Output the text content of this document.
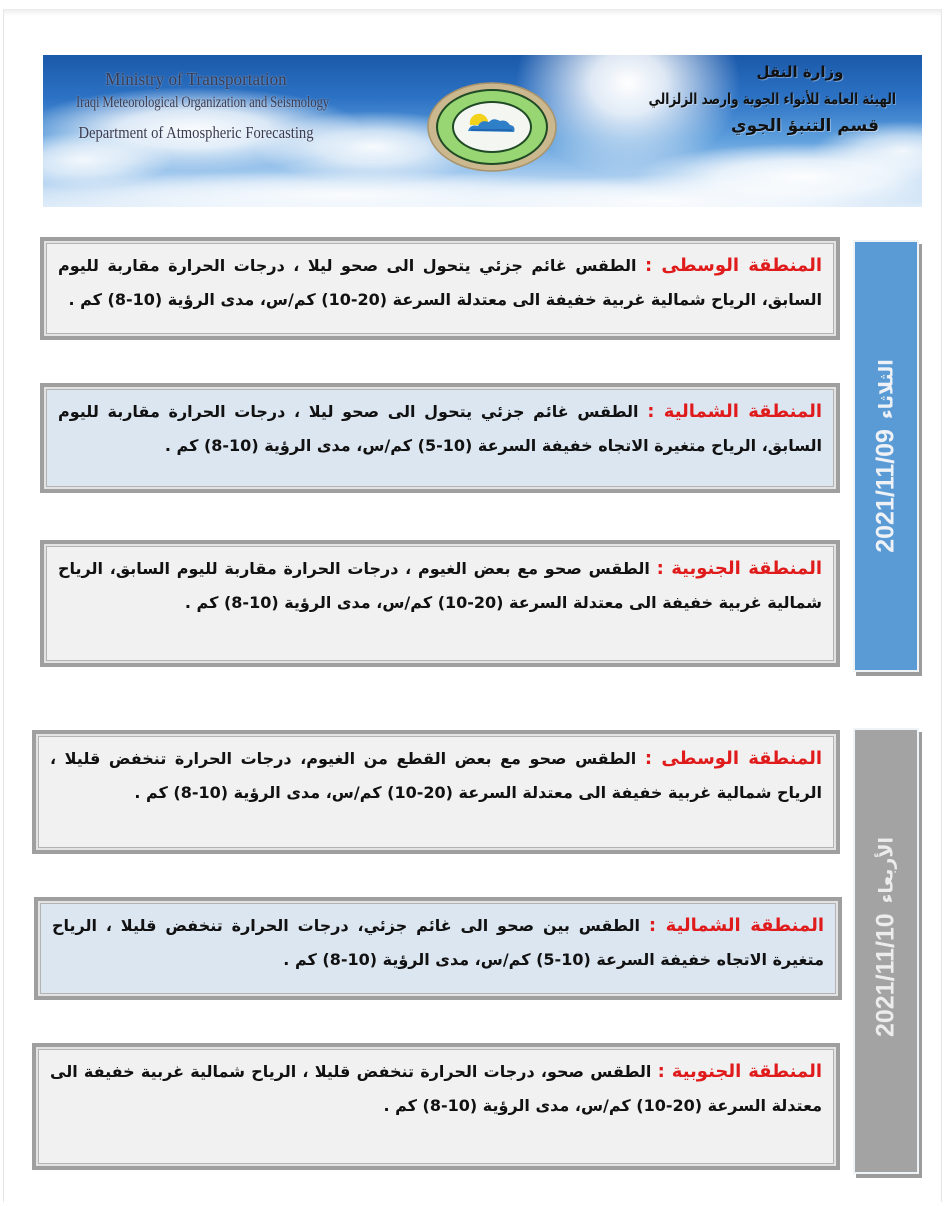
Ministry of Transportation
Iraqi Meteorological Organization and Seismology
Department of Atmospheric Forecasting
وزارة النقل
الهيئة العامة للأنواء الجوية وارصد الزلزالي
قسم التنبؤ الجوي

المنطقة الوسطى : الطقس غائم جزئي يتحول الى صحو ليلا ، درجات الحرارة مقاربة لليوم السابق، الرياح شمالية غربية خفيفة الى معتدلة السرعة (20-10) كم/س، مدى الرؤية (10-8) كم .

المنطقة الشمالية : الطقس غائم جزئي يتحول الى صحو ليلا ، درجات الحرارة مقاربة لليوم السابق، الرياح متغيرة الاتجاه خفيفة السرعة (10-5) كم/س، مدى الرؤية (10-8) كم .

المنطقة الجنوبية : الطقس صحو مع بعض الغيوم ، درجات الحرارة مقاربة لليوم السابق، الرياح شمالية غربية خفيفة الى معتدلة السرعة (20-10) كم/س، مدى الرؤية (10-8) كم .

2021/11/09
الثلاثاء

المنطقة الوسطى : الطقس صحو مع بعض القطع من الغيوم، درجات الحرارة تنخفض قليلا ، الرياح شمالية غربية خفيفة الى معتدلة السرعة (20-10) كم/س، مدى الرؤية (10-8) كم .

المنطقة الشمالية : الطقس بين صحو الى غائم جزئي، درجات الحرارة تنخفض قليلا ، الرياح متغيرة الاتجاه خفيفة السرعة (10-5) كم/س، مدى الرؤية (10-8) كم .

المنطقة الجنوبية : الطقس صحو، درجات الحرارة تنخفض قليلا ، الرياح شمالية غربية خفيفة الى معتدلة السرعة (20-10) كم/س، مدى الرؤية (10-8) كم .

2021/11/10
الأربعاء
